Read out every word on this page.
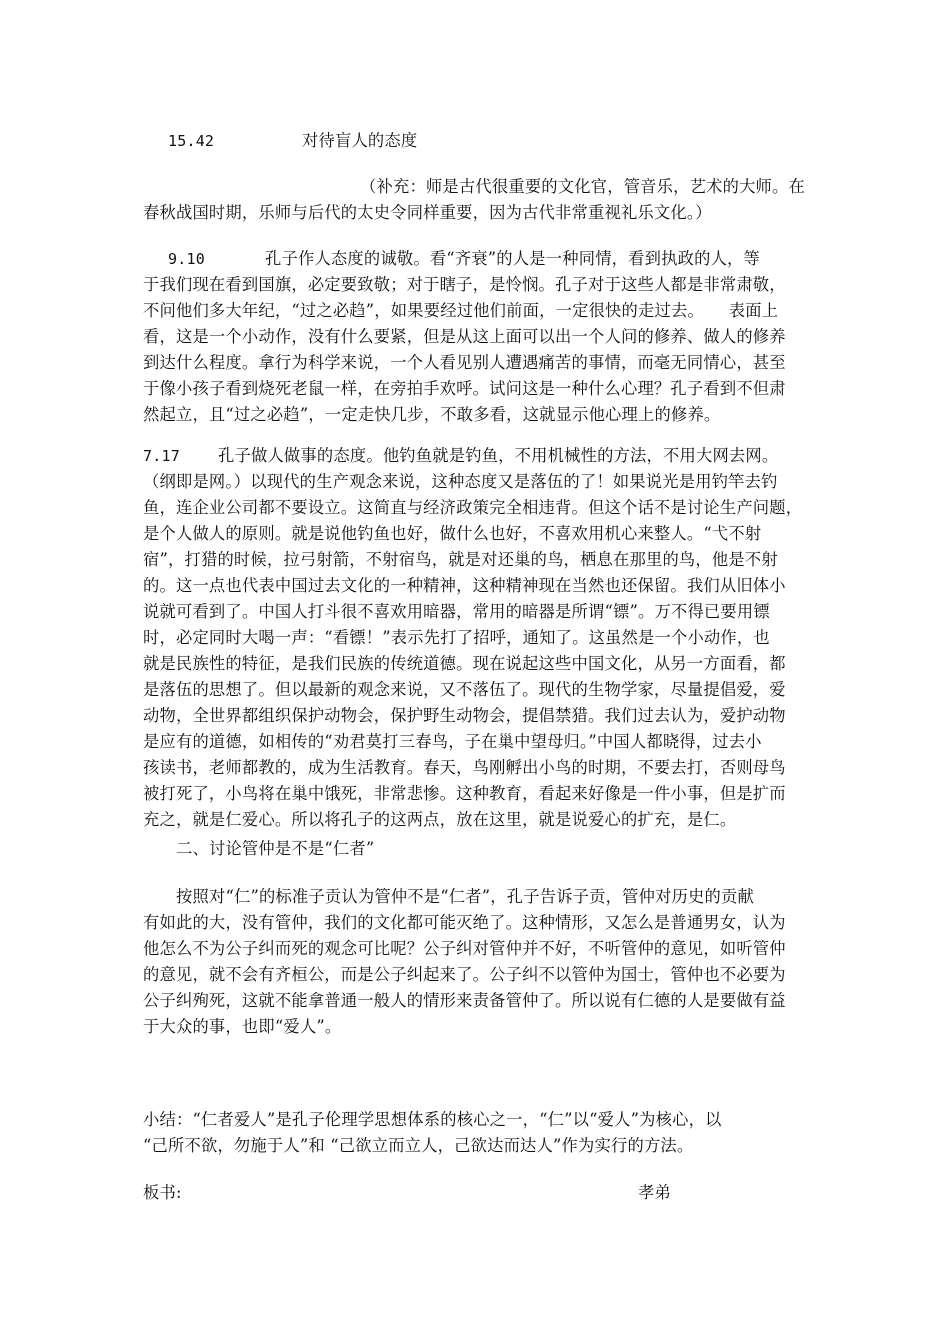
15.42	对待盲人的态度
（补充：师是古代很重要的文化官，管音乐，艺术的大师。在
春秋战国时期，乐师与后代的太史令同样重要，因为古代非常重视礼乐文化。）
9.10	孔子作人态度的诚敬。看“齐衰”的人是一种同情，看到执政的人，等
于我们现在看到国旗，必定要致敬；对于瞎子，是怜悯。孔子对于这些人都是非常肃敬，
不问他们多大年纪，“过之必趋”，如果要经过他们前面，一定很快的走过去。　　表面上
看，这是一个小动作，没有什么要紧，但是从这上面可以出一个人问的修养、做人的修养
到达什么程度。拿行为科学来说，一个人看见别人遭遇痛苦的事情，而毫无同情心，甚至
于像小孩子看到烧死老鼠一样，在旁拍手欢呼。试问这是一种什么心理？孔子看到不但肃
然起立，且“过之必趋”，一定走快几步，不敢多看，这就显示他心理上的修养。
7.17 孔子做人做事的态度。他钓鱼就是钓鱼，不用机械性的方法，不用大网去网。
（纲即是网。）以现代的生产观念来说，这种态度又是落伍的了！如果说光是用钓竿去钓
鱼，连企业公司都不要设立。这简直与经济政策完全相违背。但这个话不是讨论生产问题，
是个人做人的原则。就是说他钓鱼也好，做什么也好，不喜欢用机心来整人。“弋不射
宿”，打猎的时候，拉弓射箭，不射宿鸟，就是对还巢的鸟，栖息在那里的鸟，他是不射
的。这一点也代表中国过去文化的一种精神，这种精神现在当然也还保留。我们从旧体小
说就可看到了。中国人打斗很不喜欢用暗器，常用的暗器是所谓“镖”。万不得已要用镖
时，必定同时大喝一声：“看镖！”表示先打了招呼，通知了。这虽然是一个小动作，也
就是民族性的特征，是我们民族的传统道德。现在说起这些中国文化，从另一方面看，都
是落伍的思想了。但以最新的观念来说，又不落伍了。现代的生物学家，尽量提倡爱，爱
动物，全世界都组织保护动物会，保护野生动物会，提倡禁猎。我们过去认为，爱护动物
是应有的道德，如相传的“劝君莫打三春鸟，子在巢中望母归。”中国人都晓得，过去小
孩读书，老师都教的，成为生活教育。春天，鸟刚孵出小鸟的时期，不要去打，否则母鸟
被打死了，小鸟将在巢中饿死，非常悲惨。这种教育，看起来好像是一件小事，但是扩而
充之，就是仁爱心。所以将孔子的这两点，放在这里，就是说爱心的扩充，是仁。
二、讨论管仲是不是“仁者”
按照对“仁”的标准子贡认为管仲不是“仁者”，孔子告诉子贡，管仲对历史的贡献
有如此的大，没有管仲，我们的文化都可能灭绝了。这种情形，又怎么是普通男女，认为
他怎么不为公子纠而死的观念可比呢？公子纠对管仲并不好，不听管仲的意见，如听管仲
的意见，就不会有齐桓公，而是公子纠起来了。公子纠不以管仲为国士，管仲也不必要为
公子纠殉死，这就不能拿普通一般人的情形来责备管仲了。所以说有仁德的人是要做有益
于大众的事，也即“爱人”。
小结：“仁者爱人”是孔子伦理学思想体系的核心之一，“仁”以“爱人”为核心，以
“己所不欲，勿施于人”和 “己欲立而立人，己欲达而达人”作为实行的方法。
板书:	孝弟
